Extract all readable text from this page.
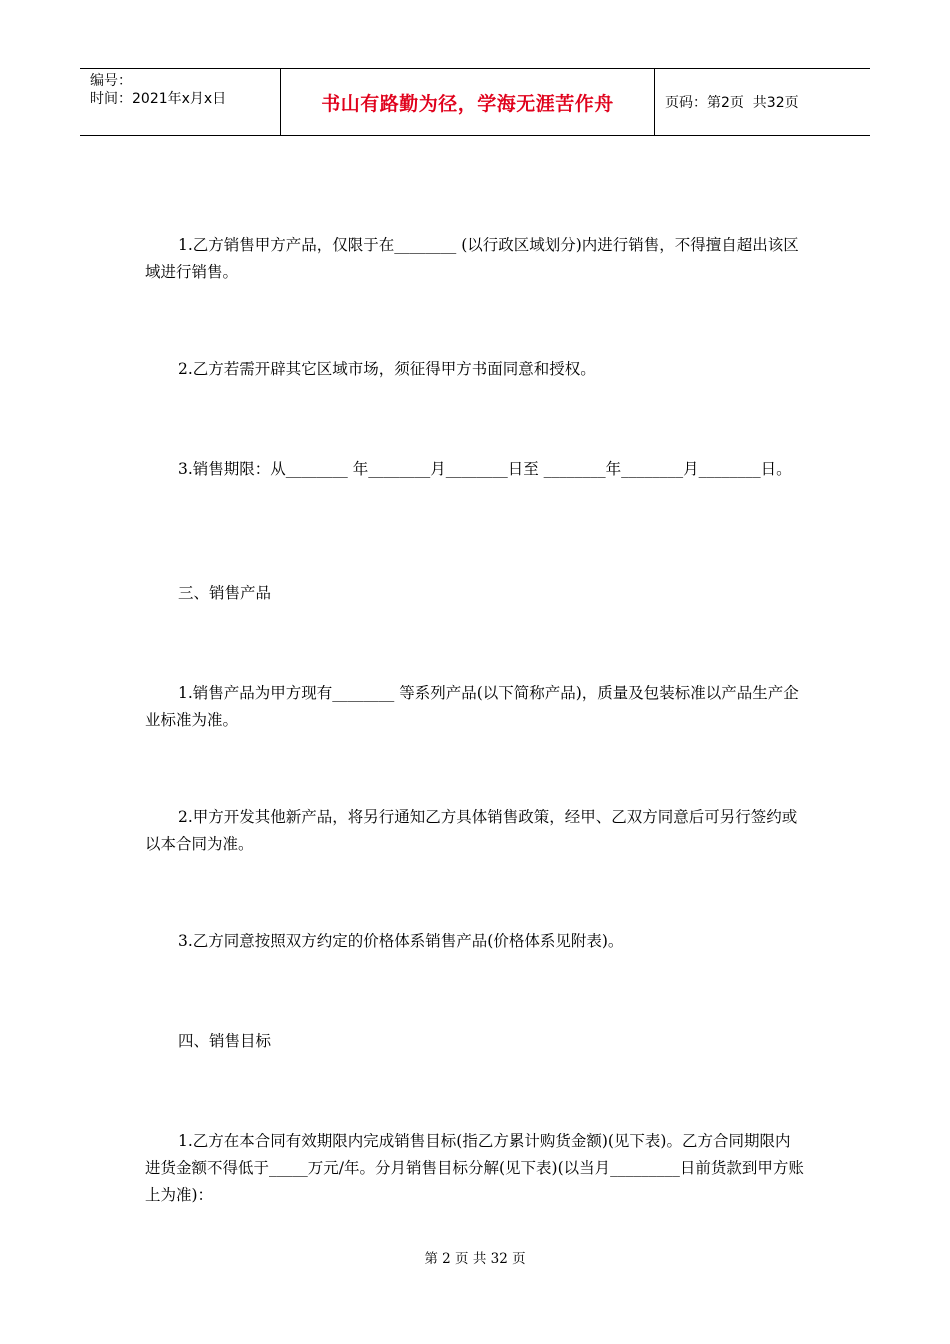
编号：
时间：2021年x月x日	书山有路勤为径，学海无涯苦作舟	页码：第2页  共32页

1.乙方销售甲方产品，仅限于在________ (以行政区域划分)内进行销售，不得擅自超出该区域进行销售。

2.乙方若需开辟其它区域市场，须征得甲方书面同意和授权。

3.销售期限：从________ 年________月________日至 ________年________月________日。

三、销售产品

1.销售产品为甲方现有________ 等系列产品(以下简称产品)，质量及包装标准以产品生产企业标准为准。

2.甲方开发其他新产品，将另行通知乙方具体销售政策，经甲、乙双方同意后可另行签约或以本合同为准。

3.乙方同意按照双方约定的价格体系销售产品(价格体系见附表)。

四、销售目标

1.乙方在本合同有效期限内完成销售目标(指乙方累计购货金额)(见下表)。乙方合同期限内进货金额不得低于_____万元/年。分月销售目标分解(见下表)(以当月_________日前货款到甲方账上为准)：

第 2 页 共 32 页
